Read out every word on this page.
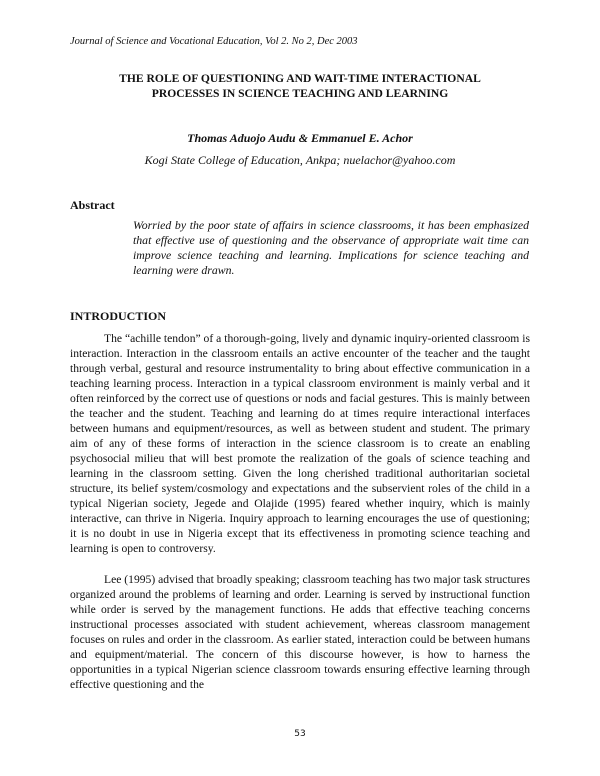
Journal of Science and Vocational Education, Vol 2. No 2, Dec 2003
THE ROLE OF QUESTIONING AND WAIT-TIME INTERACTIONAL
PROCESSES IN SCIENCE TEACHING AND LEARNING
Thomas Aduojo Audu & Emmanuel E. Achor
Kogi State College of Education, Ankpa; nuelachor@yahoo.com
Abstract
Worried by the poor state of affairs in science classrooms, it has been emphasized that effective use of questioning and the observance of appropriate wait time can improve science teaching and learning. Implications for science teaching and learning were drawn.
INTRODUCTION
The “achille tendon” of a thorough-going, lively and dynamic inquiry-oriented classroom is interaction. Interaction in the classroom entails an active encounter of the teacher and the taught through verbal, gestural and resource instrumentality to bring about effective communication in a teaching learning process. Interaction in a typical classroom environment is mainly verbal and it often reinforced by the correct use of questions or nods and facial gestures. This is mainly between the teacher and the student. Teaching and learning do at times require interactional interfaces between humans and equipment/resources, as well as between student and student. The primary aim of any of these forms of interaction in the science classroom is to create an enabling psychosocial milieu that will best promote the realization of the goals of science teaching and learning in the classroom setting. Given the long cherished traditional authoritarian societal structure, its belief system/cosmology and expectations and the subservient roles of the child in a typical Nigerian society, Jegede and Olajide (1995) feared whether inquiry, which is mainly interactive, can thrive in Nigeria. Inquiry approach to learning encourages the use of questioning; it is no doubt in use in Nigeria except that its effectiveness in promoting science teaching and learning is open to controversy.
Lee (1995) advised that broadly speaking; classroom teaching has two major task structures organized around the problems of learning and order. Learning is served by instructional function while order is served by the management functions. He adds that effective teaching concerns instructional processes associated with student achievement, whereas classroom management focuses on rules and order in the classroom. As earlier stated, interaction could be between humans and equipment/material. The concern of this discourse however, is how to harness the opportunities in a typical Nigerian science classroom towards ensuring effective learning through effective questioning and the
53
